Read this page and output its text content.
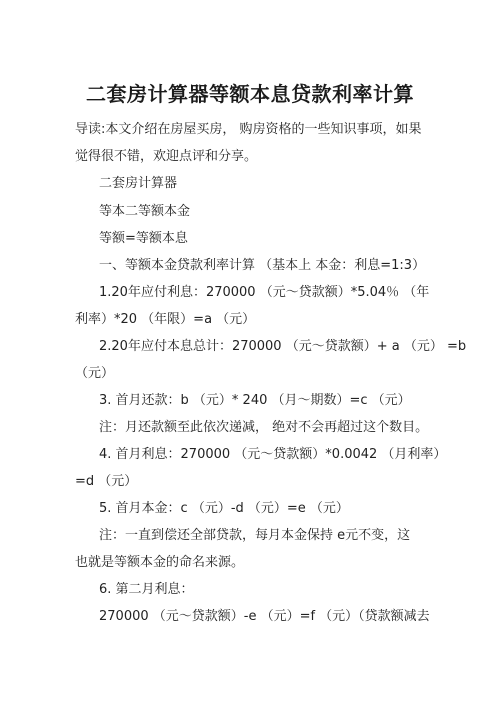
二套房计算器等额本息贷款利率计算
导读:本文介绍在房屋买房， 购房资格的一些知识事项，如果
觉得很不错，欢迎点评和分享。
二套房计算器
等本二等额本金
等额=等额本息
一、等额本金贷款利率计算 （基本上 本金：利息=1:3）
1.20年应付利息：270000 （元～贷款额）*5.04％ （年
利率）*20 （年限）=a （元）
2.20年应付本息总计：270000 （元～贷款额）+ a （元） =b
（元）
3. 首月还款：b （元）* 240 （月～期数）=c （元）
注：月还款额至此依次递减， 绝对不会再超过这个数目。
4. 首月利息：270000 （元～贷款额）*0.0042 （月利率）
=d （元）
5. 首月本金：c （元）-d （元）=e （元）
注：一直到偿还全部贷款，每月本金保持 e元不变，这
也就是等额本金的命名来源。
6. 第二月利息：
270000 （元～贷款额）-e （元）=f （元）（贷款额减去
